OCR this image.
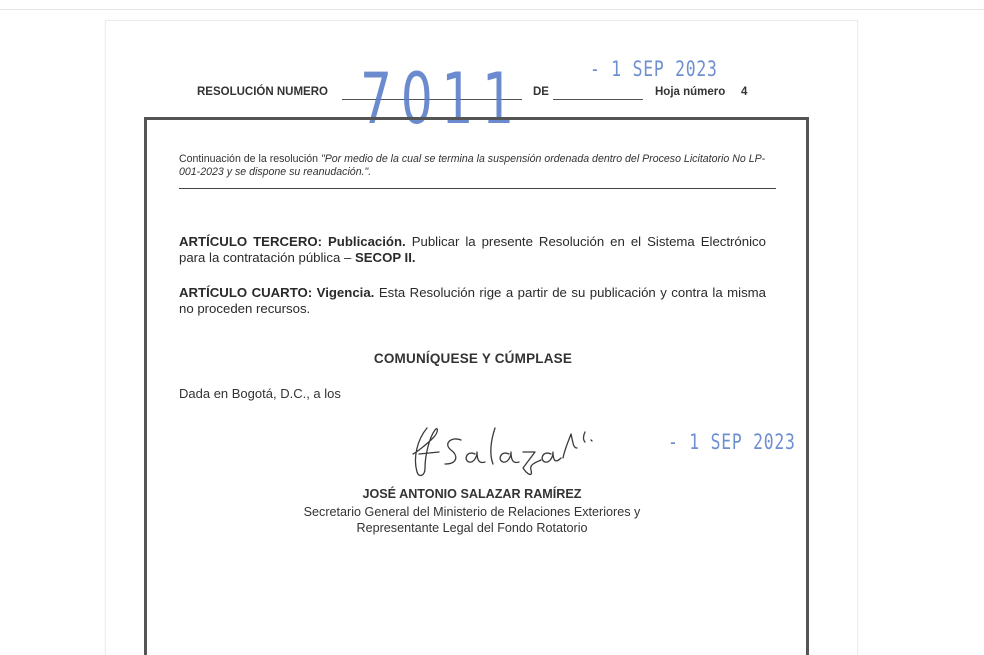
RESOLUCIÓN NUMERO	DE	Hoja número 4
7011	- 1 SEP 2023
Continuación de la resolución "Por medio de la cual se termina la suspensión ordenada dentro del Proceso Licitatorio No LP-001-2023 y se dispone su reanudación.".
ARTÍCULO TERCERO: Publicación. Publicar la presente Resolución en el Sistema Electrónico para la contratación pública – SECOP II.
ARTÍCULO CUARTO: Vigencia. Esta Resolución rige a partir de su publicación y contra la misma no proceden recursos.
COMUNÍQUESE Y CÚMPLASE
Dada en Bogotá, D.C., a los
- 1 SEP 2023
JOSÉ ANTONIO SALAZAR RAMÍREZ
Secretario General del Ministerio de Relaciones Exteriores y
Representante Legal del Fondo Rotatorio
